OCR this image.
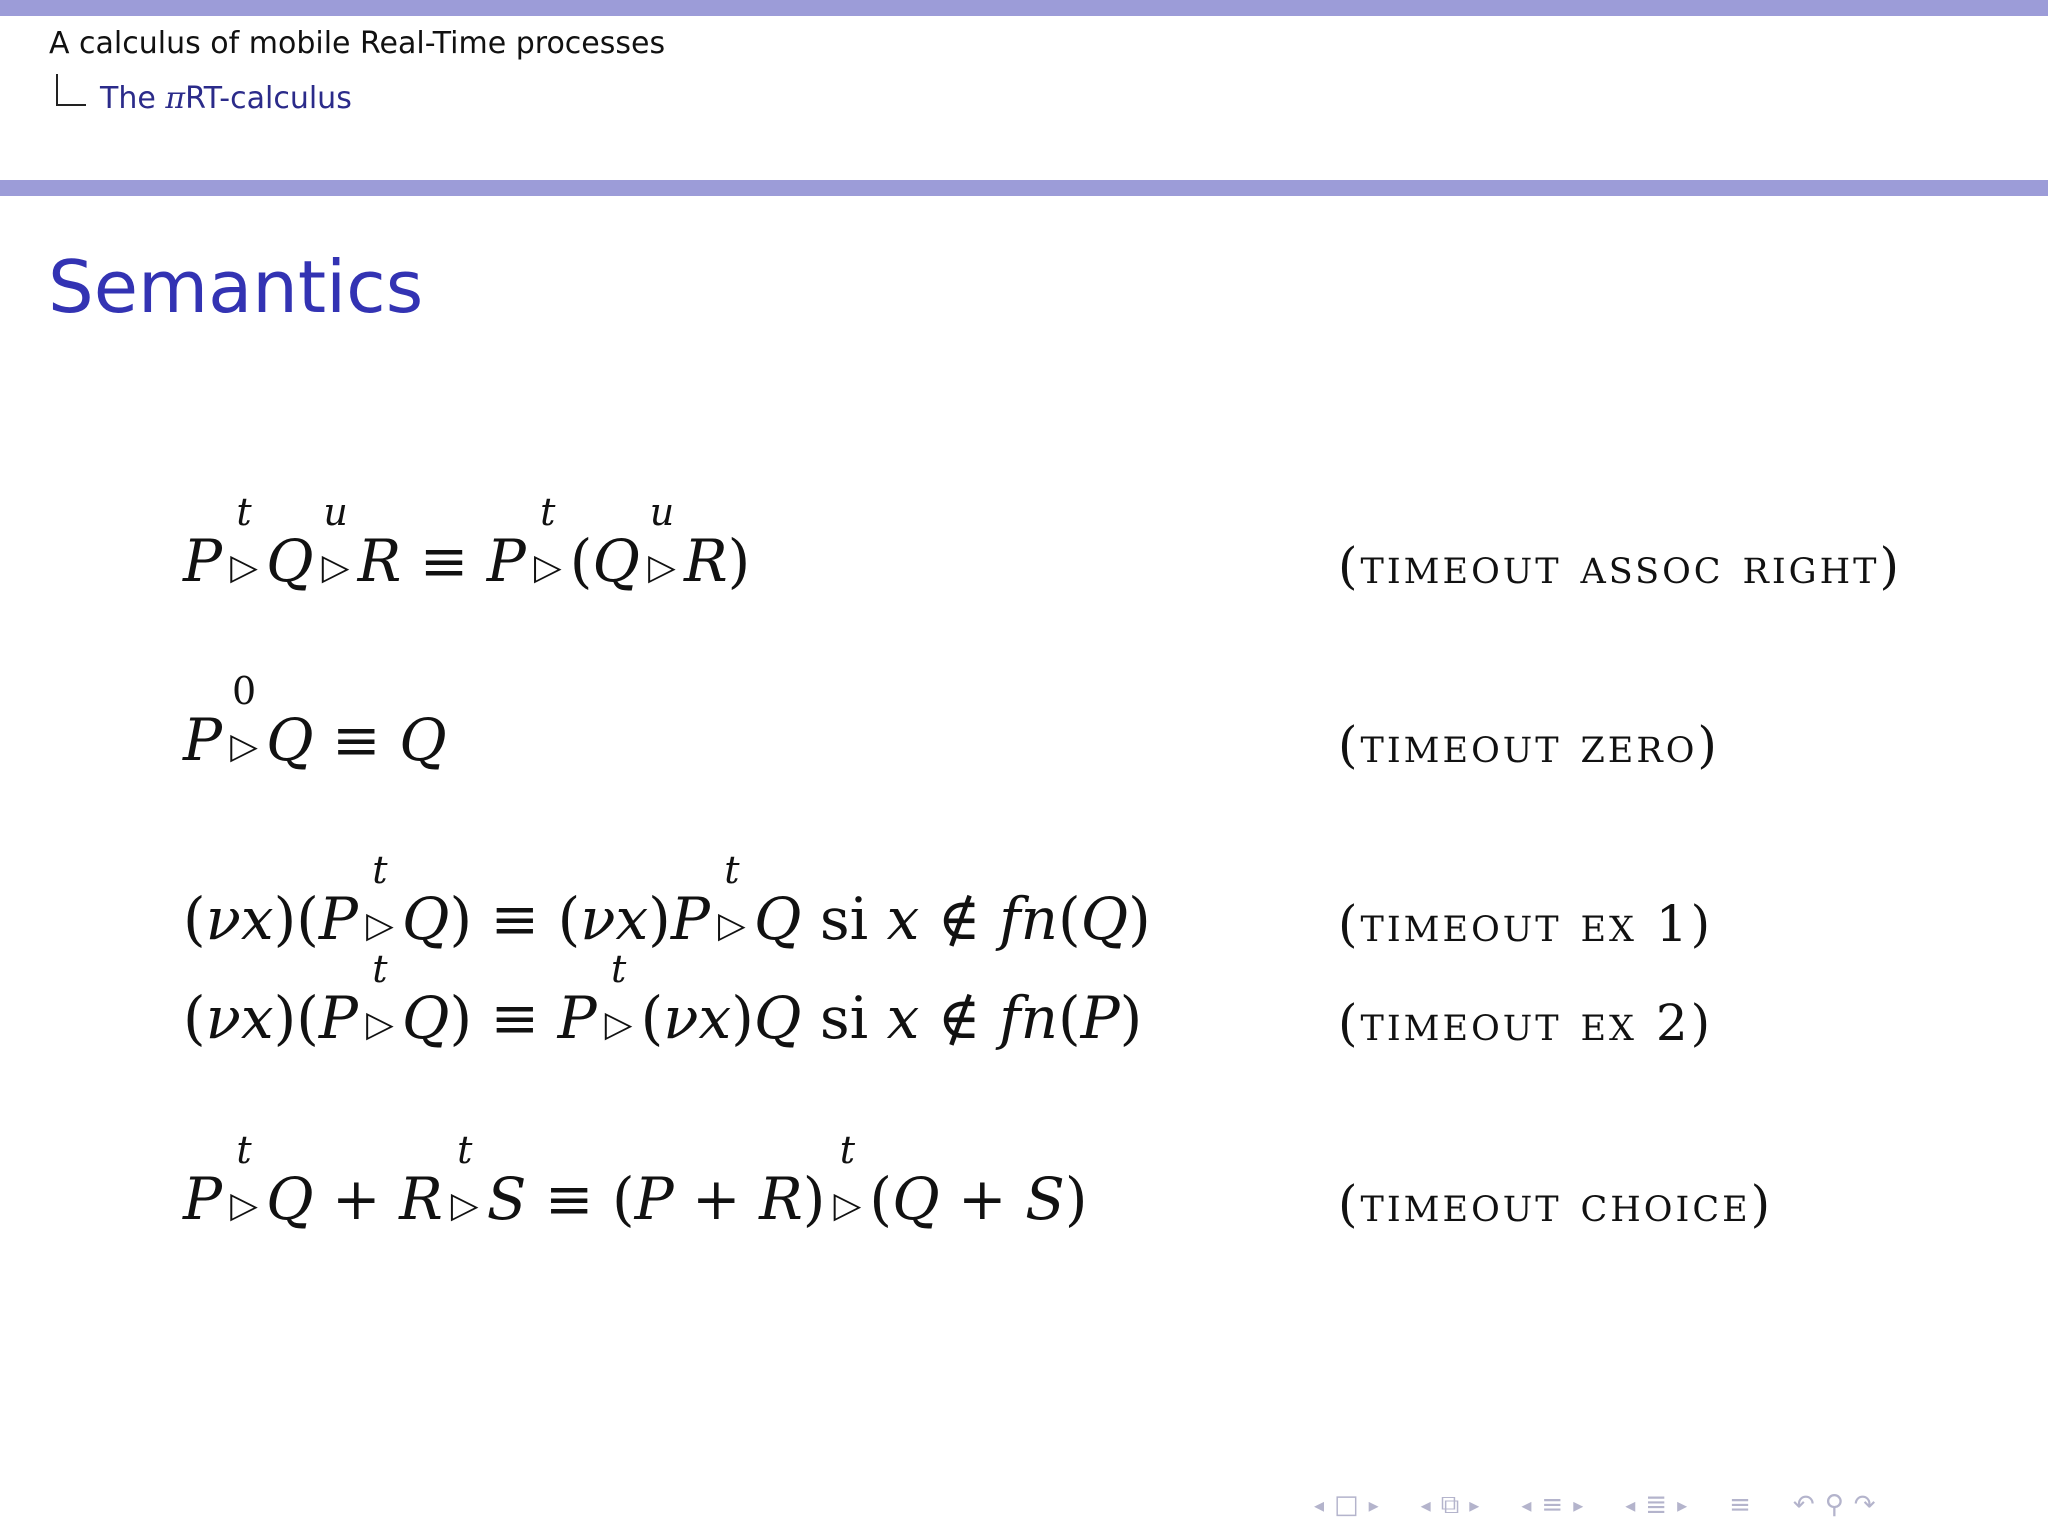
A calculus of mobile Real-Time processes
The πRT-calculus
Semantics
P
t
▷ Q
u
▷ R ≡ P
t
▷ (Q
u
▷ R)	(timeout assoc right)
P
0
▷ Q ≡ Q	(timeout zero)
(νx)(P
t
▷ Q) ≡ (νx)P
t
▷ Q si x ∉ fn(Q)	(timeout ex 1)
(νx)(P
t
▷ Q) ≡ P
t
▷ (νx)Q si x ∉ fn(P)	(timeout ex 2)
P
t
▷ Q + R
t
▷ S ≡ (P + R)
t
▷ (Q + S)	(timeout choice)
◂ □ ▸ ◂ ⧉ ▸ ◂ ≡ ▸ ◂ ≣ ▸ ≡ ↶ ⚲ ↷
